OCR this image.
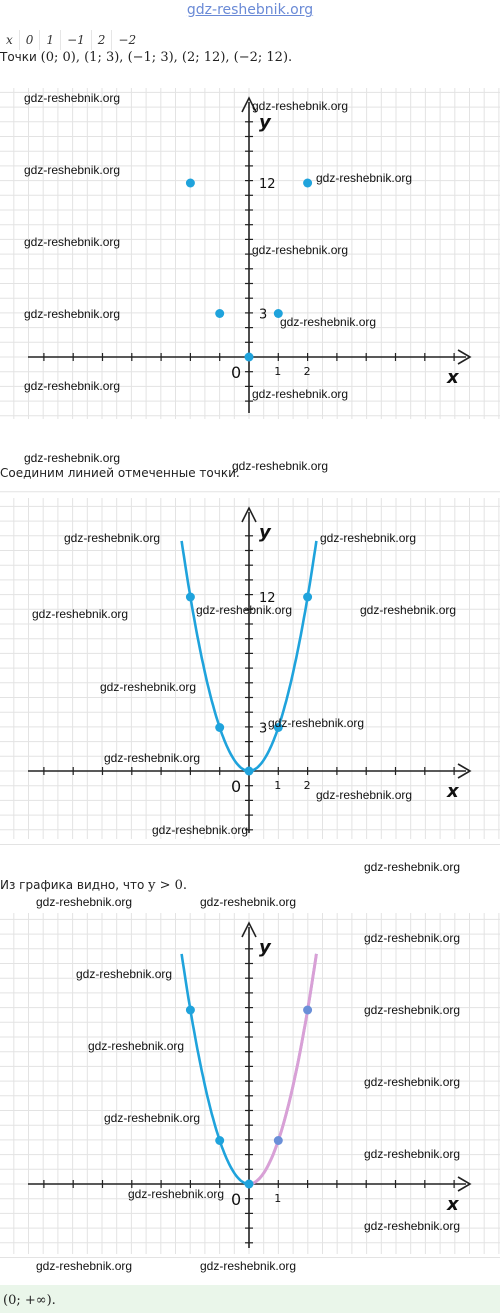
gdz-reshebnik.org
x	0	1	−1	2	−2
Точки (0; 0), (1; 3), (−1; 3), (2; 12), (−2; 12).
x
y
0	1 2
3
12
Соединим линией отмеченные точки.
x
y
0	1 2
3
12
Из графика видно, что y > 0.
x
y
0	1
(0; +∞).
gdz-reshebnik.org
gdz-reshebnik.org
gdz-reshebnik.org
gdz-reshebnik.org
gdz-reshebnik.org
gdz-reshebnik.org
gdz-reshebnik.org
gdz-reshebnik.org
gdz-reshebnik.org
gdz-reshebnik.org
gdz-reshebnik.org
gdz-reshebnik.org
gdz-reshebnik.org	gdz-reshebnik.org
gdz-reshebnik.org	gdz-reshebnik.org	gdz-reshebnik.org
gdz-reshebnik.org
gdz-reshebnik.org
gdz-reshebnik.org
gdz-reshebnik.org
gdz-reshebnik.org
gdz-reshebnik.org
gdz-reshebnik.org	gdz-reshebnik.org
gdz-reshebnik.org
gdz-reshebnik.org
gdz-reshebnik.org
gdz-reshebnik.org
gdz-reshebnik.org
gdz-reshebnik.org
gdz-reshebnik.org
gdz-reshebnik.org
gdz-reshebnik.org
gdz-reshebnik.org	gdz-reshebnik.org
